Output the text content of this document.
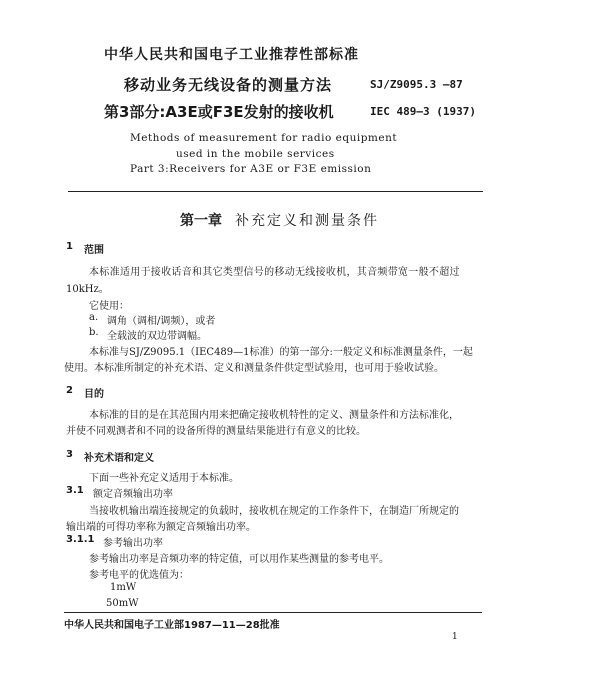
中华人民共和国电子工业推荐性部标准
移动业务无线设备的测量方法	SJ/Z9095.3 —87
第3部分:A3E或F3E发射的接收机	IEC 489—3 (1937)
Methods of measurement for radio equipment
used in the mobile services
Part 3:Receivers for A3E or F3E emission
第一章 补充定义和测量条件
1 范围
本标准适用于接收话音和其它类型信号的移动无线接收机，其音频带宽一般不超过
10kHz。
它使用：
a. 调角（调相/调频），或者
b. 全载波的双边带调幅。
本标准与SJ/Z9095.1（IEC489—1标准）的第一部分:一般定义和标准测量条件，一起
使用。本标准所制定的补充术语、定义和测量条件供定型试验用，也可用于验收试验。
2 目的
本标准的目的是在其范围内用来把确定接收机特性的定义、测量条件和方法标准化，
并使不同观测者和不同的设备所得的测量结果能进行有意义的比较。
3 补充术语和定义
下面一些补充定义适用于本标准。
3.1 额定音频输出功率
当接收机输出端连接规定的负载时，接收机在规定的工作条件下，在制造厂所规定的
输出端的可得功率称为额定音频输出功率。
3.1.1 参考输出功率
参考输出功率是音频功率的特定值，可以用作某些测量的参考电平。
参考电平的优选值为：
1mW
50mW
中华人民共和国电子工业部1987—11—28批准
1
